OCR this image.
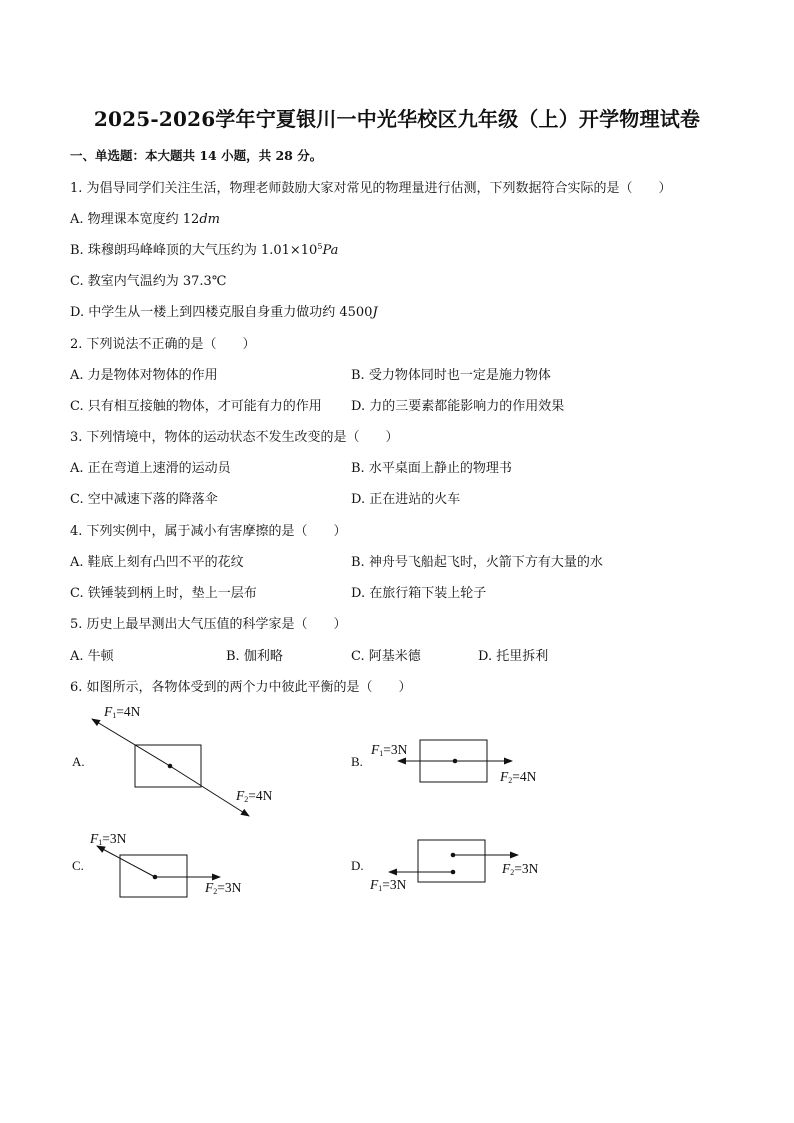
2025-2026学年宁夏银川一中光华校区九年级（上）开学物理试卷
一、单选题：本大题共 14 小题，共 28 分。
1. 为倡导同学们关注生活，物理老师鼓励大家对常见的物理量进行估测，下列数据符合实际的是（　　）
A. 物理课本宽度约 12dm
B. 珠穆朗玛峰峰顶的大气压约为 $1.01\times 10^5Pa$
C. 教室内气温约为 37.3℃
D. 中学生从一楼上到四楼克服自身重力做功约 4500J
2. 下列说法不正确的是（　　）
A. 力是物体对物体的作用	B. 受力物体同时也一定是施力物体
C. 只有相互接触的物体，才可能有力的作用 D. 力的三要素都能影响力的作用效果
3. 下列情境中，物体的运动状态不发生改变的是（　　）
A. 正在弯道上速滑的运动员	B. 水平桌面上静止的物理书
C. 空中减速下落的降落伞	D. 正在进站的火车
4. 下列实例中，属于减小有害摩擦的是（　　）
A. 鞋底上刻有凸凹不平的花纹	B. 神舟号飞船起飞时，火箭下方有大量的水
C. 铁锤装到柄上时，垫上一层布	D. 在旅行箱下装上轮子
5. 历史上最早测出大气压值的科学家是（　　）
A. 牛顿	B. 伽利略	C. 阿基米德	D. 托里拆利
6. 如图所示，各物体受到的两个力中彼此平衡的是（　　）
A.	B.
C.	D.
$F_1=4N$
$F_2=4N$
$F_1=3N$
$F_2=4N$
$F_1=3N$
$F_2=3N$
$F_2=3N$
$F_1=3N$
